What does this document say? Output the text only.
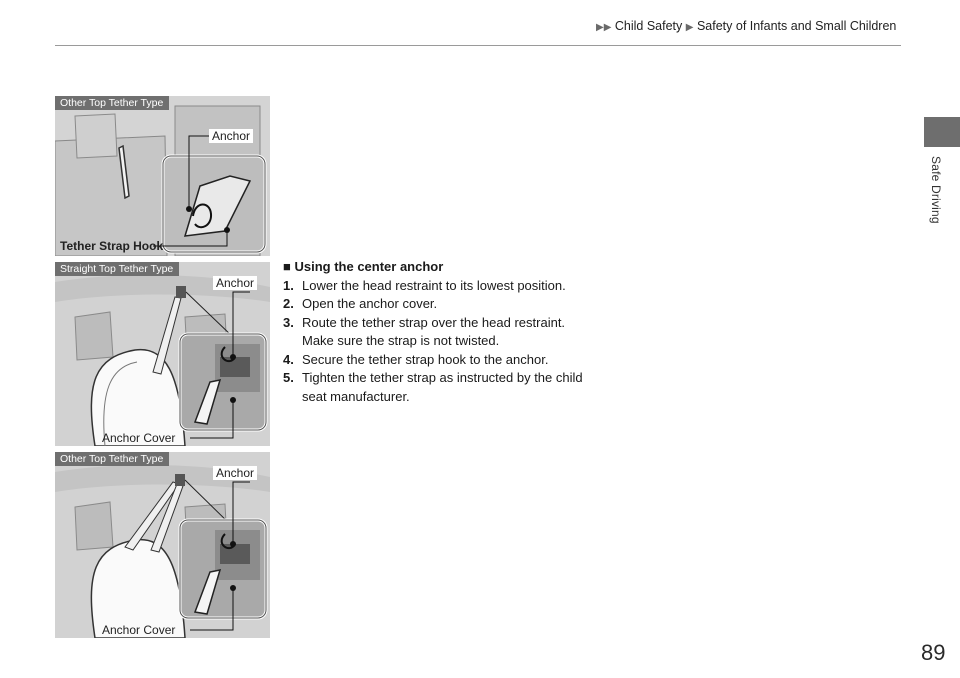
▶▶ Child Safety ▶ Safety of Infants and Small Children
Safe Driving
Other Top Tether Type
Anchor
Tether Strap Hook
Straight Top Tether Type
Anchor
Anchor Cover
Other Top Tether Type
Anchor
Anchor Cover
■ Using the center anchor
1. Lower the head restraint to its lowest position.
2. Open the anchor cover.
3. Route the tether strap over the head restraint.
Make sure the strap is not twisted.
4. Secure the tether strap hook to the anchor.
5. Tighten the tether strap as instructed by the child seat manufacturer.
89
